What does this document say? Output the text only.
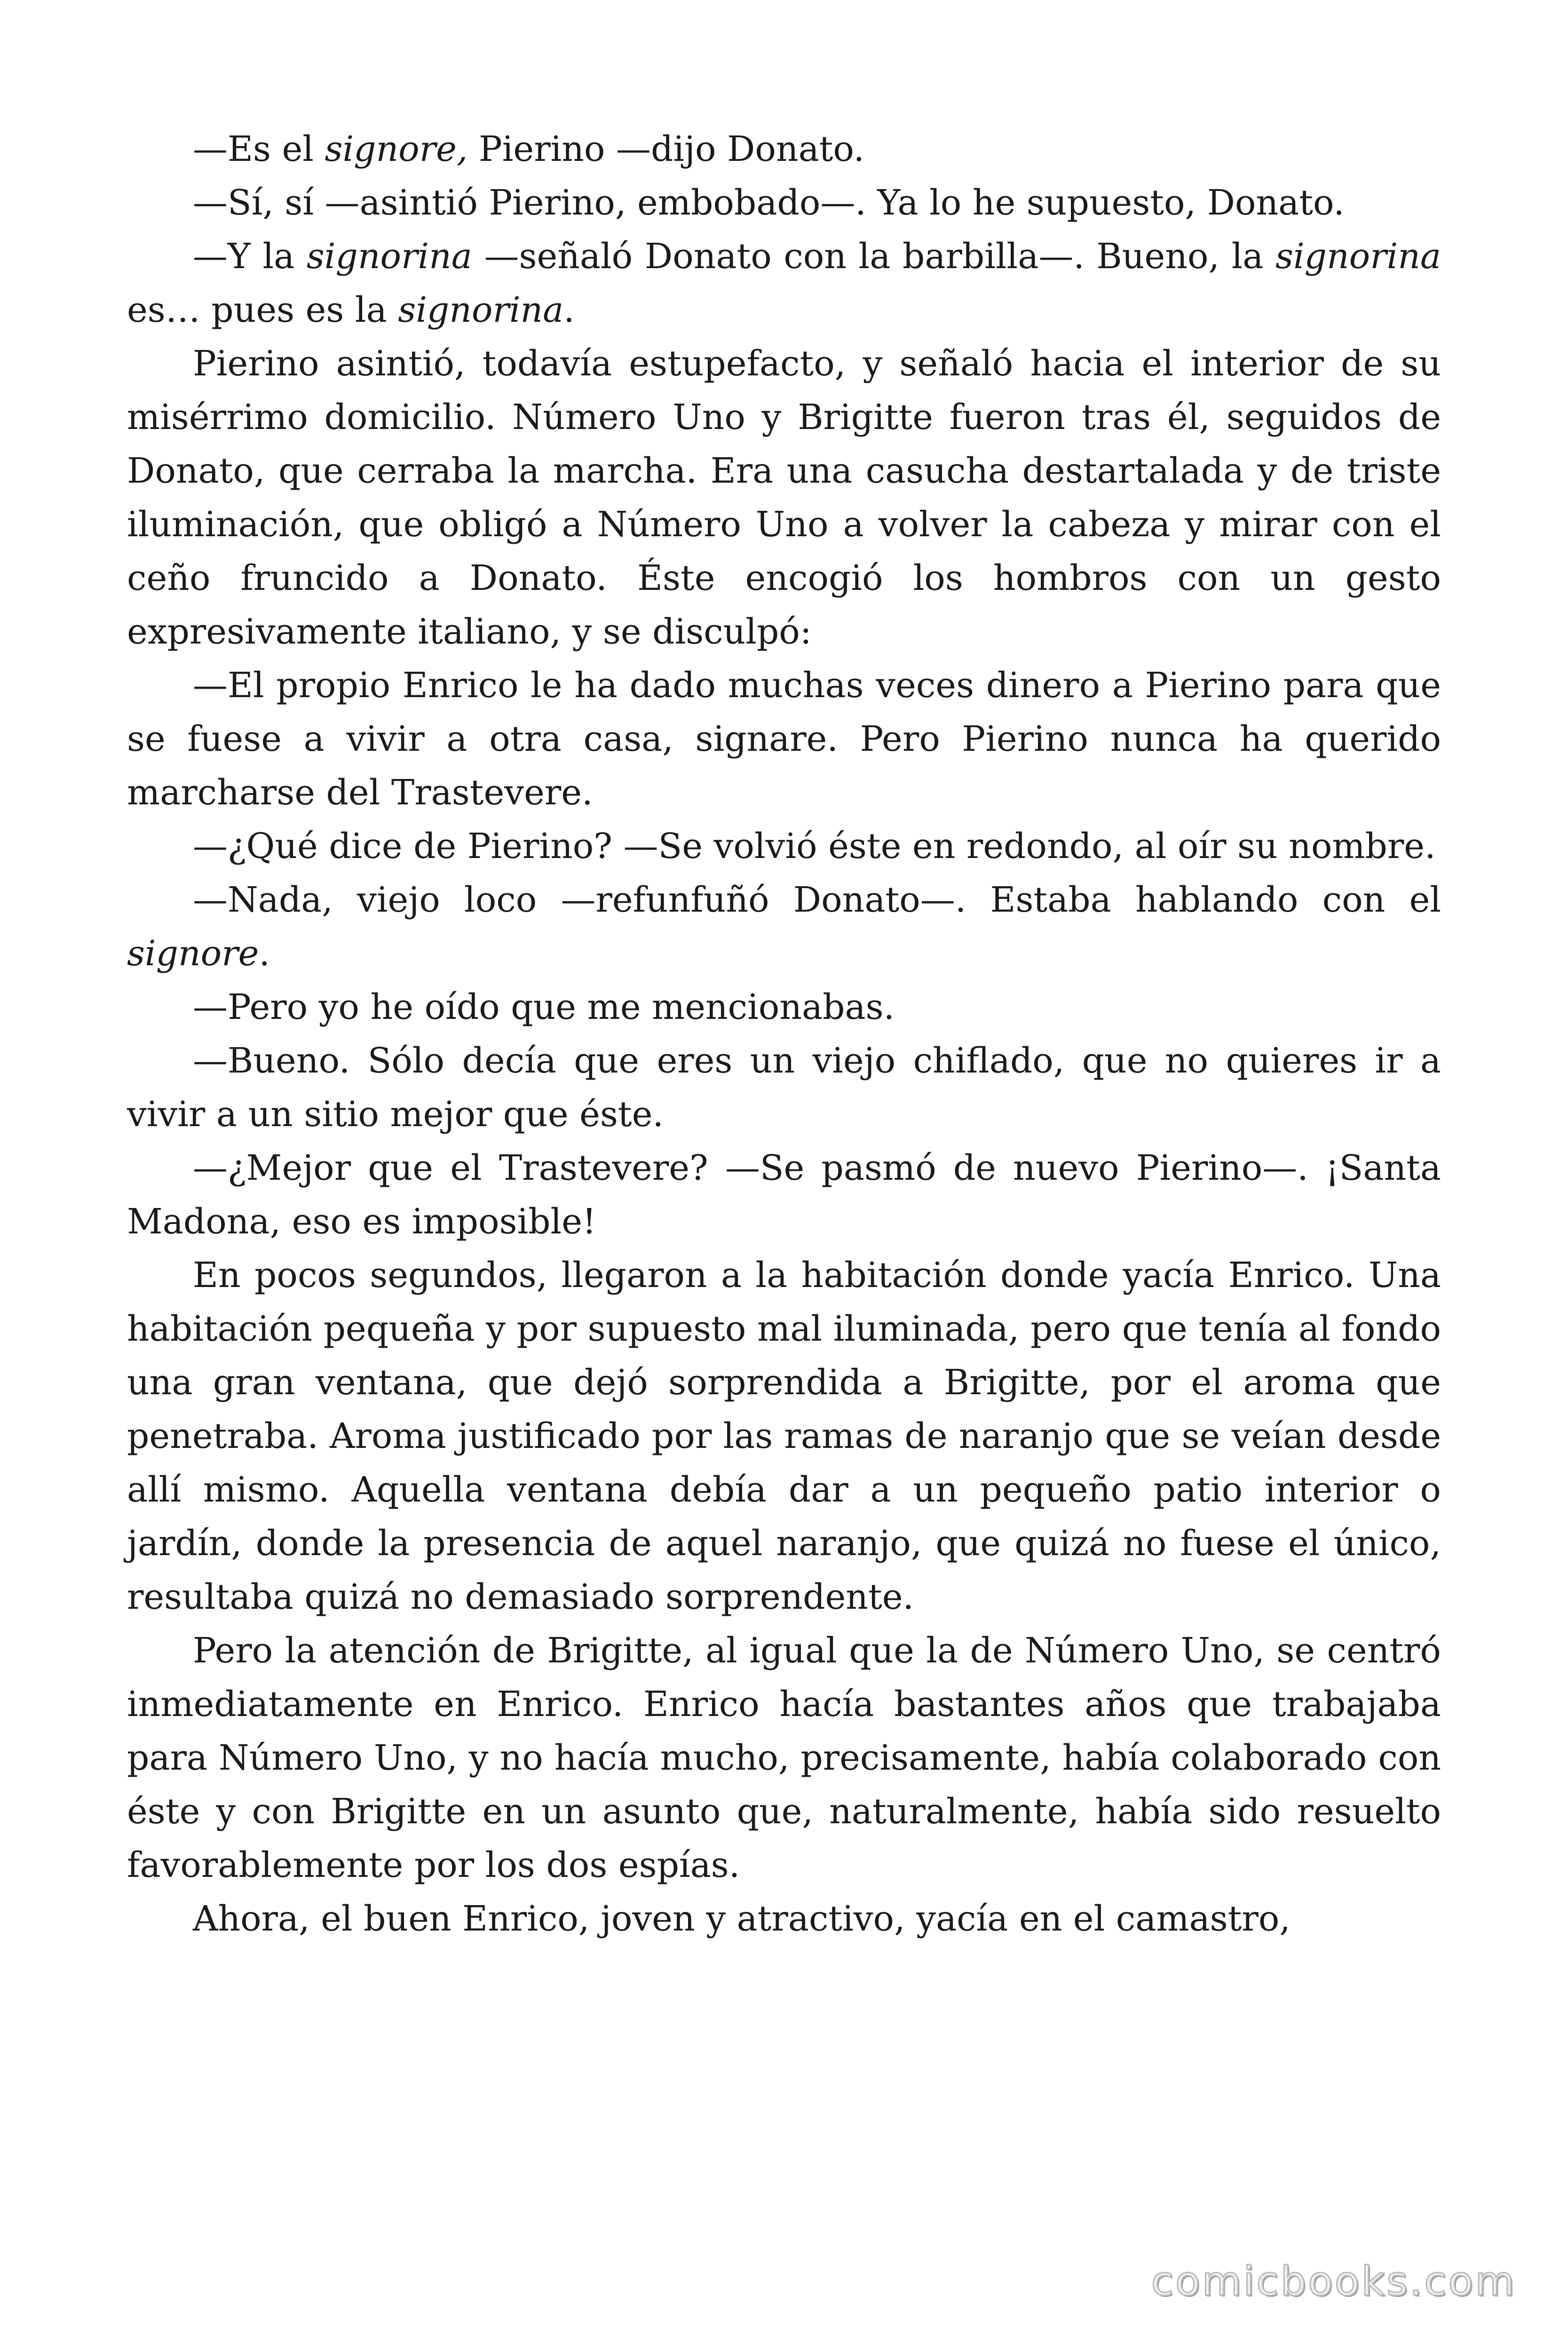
—Es el signore, Pierino —dijo Donato.

—Sí, sí —asintió Pierino, embobado—. Ya lo he supuesto, Donato.

—Y la signorina —señaló Donato con la barbilla—. Bueno, la signorina es… pues es la signorina.

Pierino asintió, todavía estupefacto, y señaló hacia el interior de su misérrimo domicilio. Número Uno y Brigitte fueron tras él, seguidos de Donato, que cerraba la marcha. Era una casucha destartalada y de triste iluminación, que obligó a Número Uno a volver la cabeza y mirar con el ceño fruncido a Donato. Éste encogió los hombros con un gesto expresivamente italiano, y se disculpó:

—El propio Enrico le ha dado muchas veces dinero a Pierino para que se fuese a vivir a otra casa, signare. Pero Pierino nunca ha querido marcharse del Trastevere.

—¿Qué dice de Pierino? —Se volvió éste en redondo, al oír su nombre.

—Nada, viejo loco —refunfuñó Donato—. Estaba hablando con el signore.

—Pero yo he oído que me mencionabas.

—Bueno. Sólo decía que eres un viejo chiflado, que no quieres ir a vivir a un sitio mejor que éste.

—¿Mejor que el Trastevere? —Se pasmó de nuevo Pierino—. ¡Santa Madona, eso es imposible!

En pocos segundos, llegaron a la habitación donde yacía Enrico. Una habitación pequeña y por supuesto mal iluminada, pero que tenía al fondo una gran ventana, que dejó sorprendida a Brigitte, por el aroma que penetraba. Aroma justificado por las ramas de naranjo que se veían desde allí mismo. Aquella ventana debía dar a un pequeño patio interior o jardín, donde la presencia de aquel naranjo, que quizá no fuese el único, resultaba quizá no demasiado sorprendente.

Pero la atención de Brigitte, al igual que la de Número Uno, se centró inmediatamente en Enrico. Enrico hacía bastantes años que trabajaba para Número Uno, y no hacía mucho, precisamente, había colaborado con éste y con Brigitte en un asunto que, naturalmente, había sido resuelto favorablemente por los dos espías.

Ahora, el buen Enrico, joven y atractivo, yacía en el camastro,

comicbooks.com
